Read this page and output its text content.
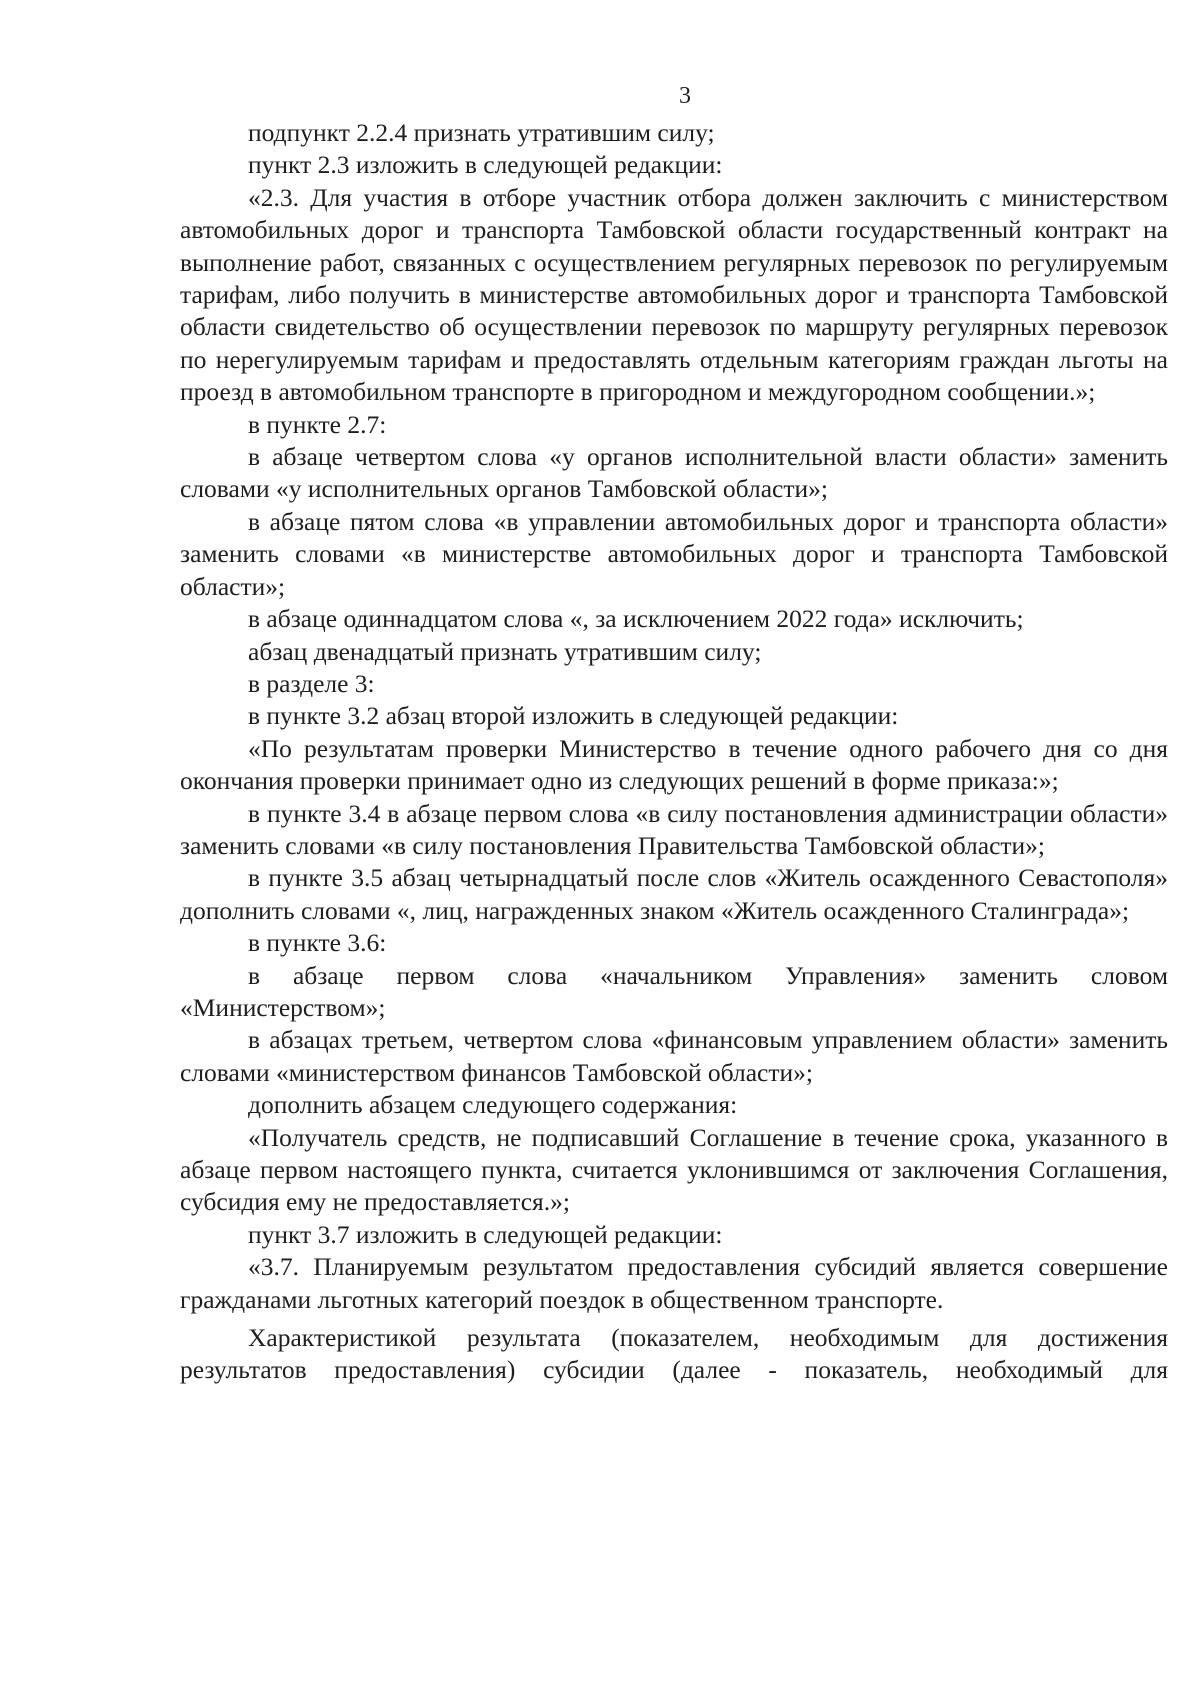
3

подпункт 2.2.4 признать утратившим силу;

пункт 2.3 изложить в следующей редакции:

«2.3. Для участия в отборе участник отбора должен заключить с министерством автомобильных дорог и транспорта Тамбовской области государственный контракт на выполнение работ, связанных с осуществлением регулярных перевозок по регулируемым тарифам, либо получить в министерстве автомобильных дорог и транспорта Тамбовской области свидетельство об осуществлении перевозок по маршруту регулярных перевозок по нерегулируемым тарифам и предоставлять отдельным категориям граждан льготы на проезд в автомобильном транспорте в пригородном и междугородном сообщении.»;

в пункте 2.7:

в абзаце четвертом слова «у органов исполнительной власти области» заменить словами «у исполнительных органов Тамбовской области»;

в абзаце пятом слова «в управлении автомобильных дорог и транспорта области» заменить словами «в министерстве автомобильных дорог и транспорта Тамбовской области»;

в абзаце одиннадцатом слова «, за исключением 2022 года» исключить;

абзац двенадцатый признать утратившим силу;

в разделе 3:

в пункте 3.2 абзац второй изложить в следующей редакции:

«По результатам проверки Министерство в течение одного рабочего дня со дня окончания проверки принимает одно из следующих решений в форме приказа:»;

в пункте 3.4 в абзаце первом слова «в силу постановления администрации области» заменить словами «в силу постановления Правительства Тамбовской области»;

в пункте 3.5 абзац четырнадцатый после слов «Житель осажденного Севастополя» дополнить словами «, лиц, награжденных знаком «Житель осажденного Сталинграда»;

в пункте 3.6:

в абзаце первом слова «начальником Управления» заменить словом «Министерством»;

в абзацах третьем, четвертом слова «финансовым управлением области» заменить словами «министерством финансов Тамбовской области»;

дополнить абзацем следующего содержания:

«Получатель средств, не подписавший Соглашение в течение срока, указанного в абзаце первом настоящего пункта, считается уклонившимся от заключения Соглашения, субсидия ему не предоставляется.»;

пункт 3.7 изложить в следующей редакции:

«3.7. Планируемым результатом предоставления субсидий является совершение гражданами льготных категорий поездок в общественном транспорте.

Характеристикой результата (показателем, необходимым для достижения результатов предоставления) субсидии (далее - показатель, необходимый для
